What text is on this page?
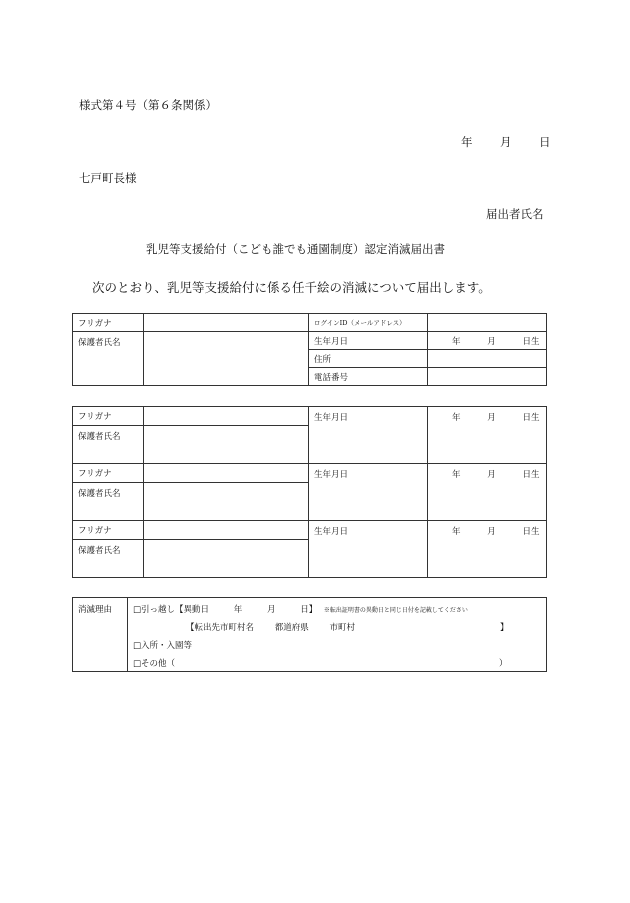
様式第４号（第６条関係）
年 月 日
七戸町長様
届出者氏名
乳児等支援給付（こども誰でも通園制度）認定消滅届出書
次のとおり、乳児等支援給付に係る任千絵の消滅について届出します。
フリガナ		ログインID（メールアドレス）	
保護者氏名		生年月日	年 月 日生
		住所	
		電話番号	
フリガナ		生年月日	年 月 日生
保護者氏名			
フリガナ		生年月日	年 月 日生
保護者氏名			
フリガナ		生年月日	年 月 日生
保護者氏名			
消滅理由	□引っ越し【異動日	年	月	日】 ※転出証明書の異動日と同じ日付を記載してください
【転出先市町村名 都道府県 市町村	】
□入所・入園等
□その他（	）
